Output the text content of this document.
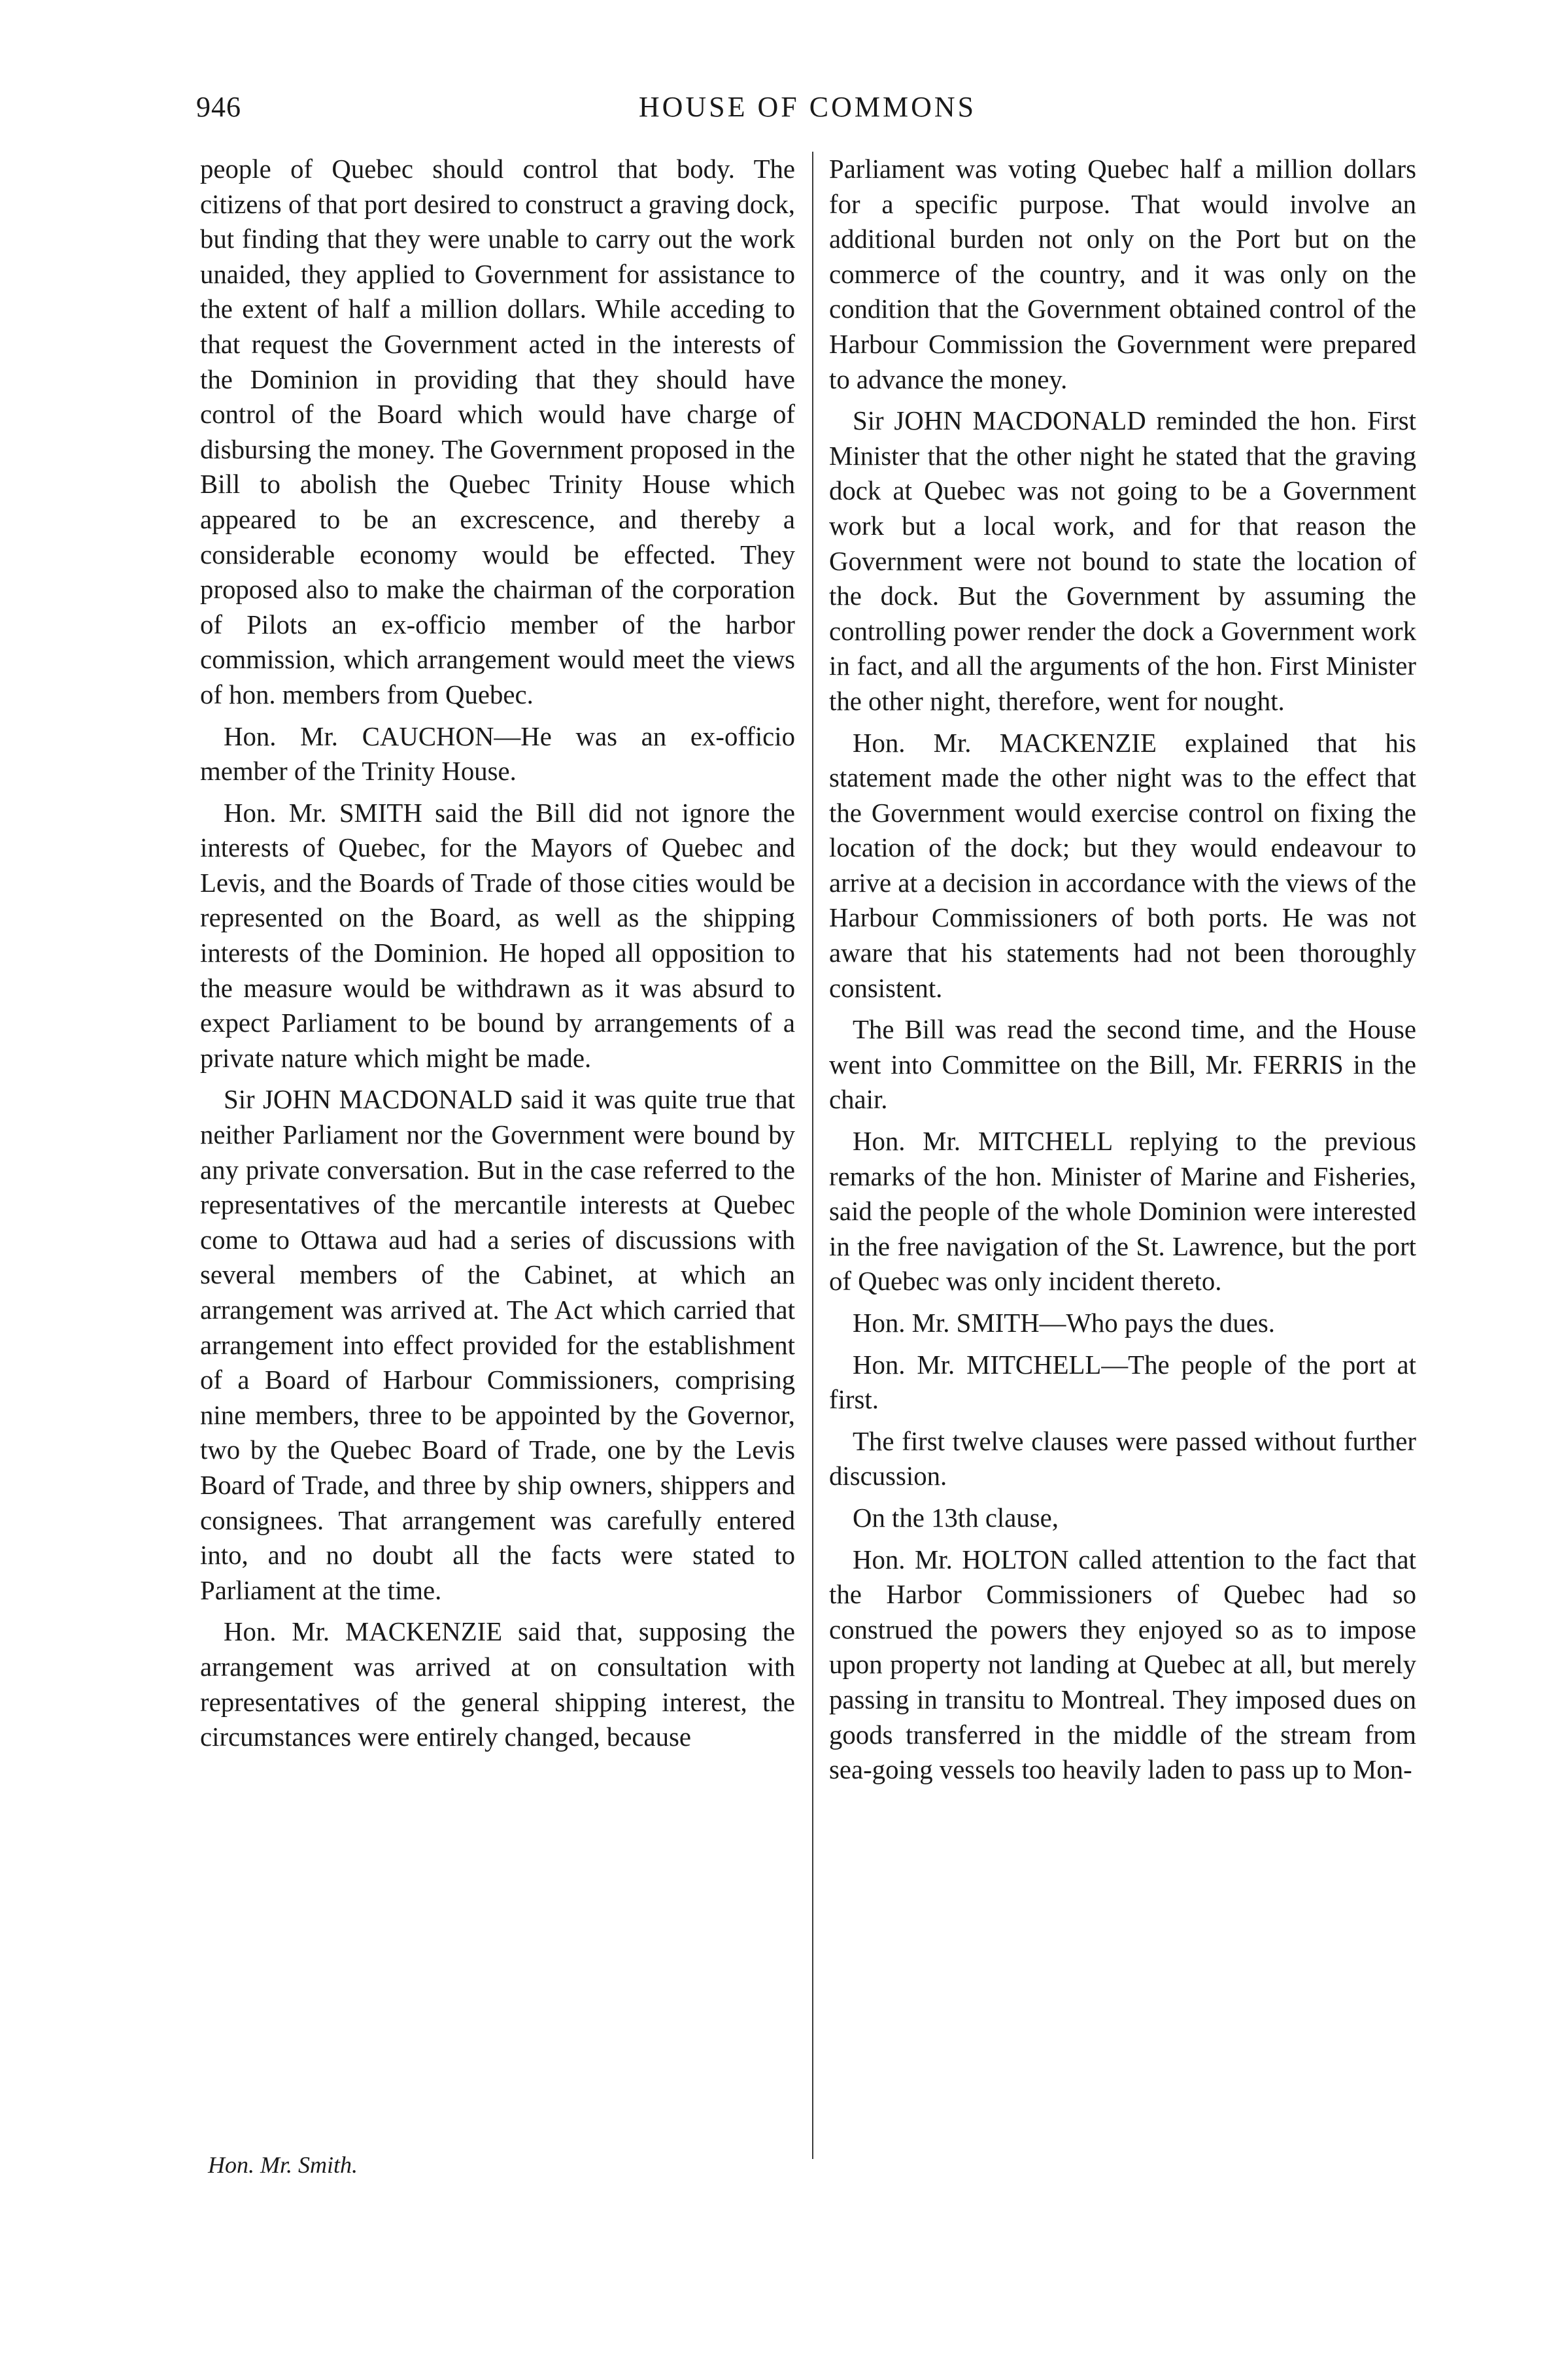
946	HOUSE OF COMMONS

people of Quebec should control that body. The citizens of that port desired to construct a graving dock, but finding that they were unable to carry out the work unaided, they applied to Government for assistance to the extent of half a million dollars. While acceding to that request the Government acted in the interests of the Dominion in providing that they should have control of the Board which would have charge of disbursing the money. The Government proposed in the Bill to abolish the Quebec Trinity House which appeared to be an excrescence, and thereby a considerable economy would be effected. They proposed also to make the chairman of the corporation of Pilots an ex-officio member of the harbor commission, which arrangement would meet the views of hon. members from Quebec.

Hon. Mr. CAUCHON—He was an ex-officio member of the Trinity House.

Hon. Mr. SMITH said the Bill did not ignore the interests of Quebec, for the Mayors of Quebec and Levis, and the Boards of Trade of those cities would be represented on the Board, as well as the shipping interests of the Dominion. He hoped all opposition to the measure would be withdrawn as it was absurd to expect Parliament to be bound by arrangements of a private nature which might be made.

Sir JOHN MACDONALD said it was quite true that neither Parliament nor the Government were bound by any private conversation. But in the case referred to the representatives of the mercantile interests at Quebec come to Ottawa aud had a series of discussions with several members of the Cabinet, at which an arrangement was arrived at. The Act which carried that arrangement into effect provided for the establishment of a Board of Harbour Commissioners, comprising nine members, three to be appointed by the Governor, two by the Quebec Board of Trade, one by the Levis Board of Trade, and three by ship owners, shippers and consignees. That arrangement was carefully entered into, and no doubt all the facts were stated to Parliament at the time.

Hon. Mr. MACKENZIE said that, supposing the arrangement was arrived at on consultation with representatives of the general shipping interest, the circumstances were entirely changed, because

Parliament was voting Quebec half a million dollars for a specific purpose. That would involve an additional burden not only on the Port but on the commerce of the country, and it was only on the condition that the Government obtained control of the Harbour Commission the Government were prepared to advance the money.

Sir JOHN MACDONALD reminded the hon. First Minister that the other night he stated that the graving dock at Quebec was not going to be a Government work but a local work, and for that reason the Government were not bound to state the location of the dock. But the Government by assuming the controlling power render the dock a Government work in fact, and all the arguments of the hon. First Minister the other night, therefore, went for nought.

Hon. Mr. MACKENZIE explained that his statement made the other night was to the effect that the Government would exercise control on fixing the location of the dock; but they would endeavour to arrive at a decision in accordance with the views of the Harbour Commissioners of both ports. He was not aware that his statements had not been thoroughly consistent.

The Bill was read the second time, and the House went into Committee on the Bill, Mr. FERRIS in the chair.

Hon. Mr. MITCHELL replying to the previous remarks of the hon. Minister of Marine and Fisheries, said the people of the whole Dominion were interested in the free navigation of the St. Lawrence, but the port of Quebec was only incident thereto.

Hon. Mr. SMITH—Who pays the dues.

Hon. Mr. MITCHELL—The people of the port at first.

The first twelve clauses were passed without further discussion.

On the 13th clause,

Hon. Mr. HOLTON called attention to the fact that the Harbor Commissioners of Quebec had so construed the powers they enjoyed so as to impose upon property not landing at Quebec at all, but merely passing in transitu to Montreal. They imposed dues on goods transferred in the middle of the stream from sea-going vessels too heavily laden to pass up to Mon-

Hon. Mr. Smith.
